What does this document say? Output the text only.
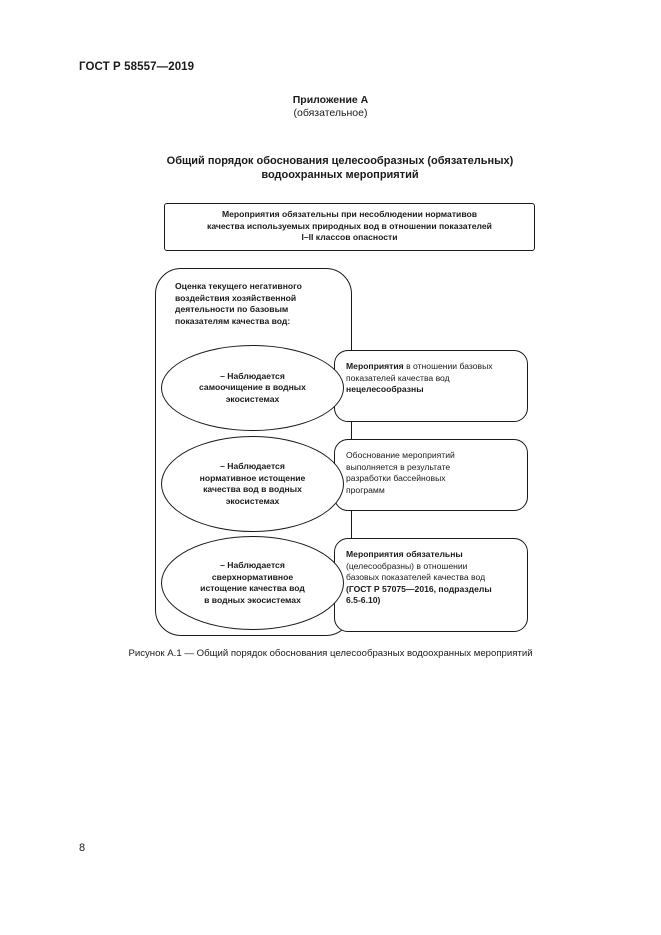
ГОСТ Р 58557—2019
Приложение А
(обязательное)
Общий порядок обоснования целесообразных (обязательных)
водоохранных мероприятий
Мероприятия обязательны при несоблюдении нормативов
качества используемых природных вод в отношении показателей
I–II классов опасности
Оценка текущего негативного
воздействия хозяйственной
деятельности по базовым
показателям качества вод:
Мероприятия в отношении базовых
показателей качества вод
нецелесообразны
Обоснование мероприятий
выполняется в результате
разработки бассейновых
программ
Мероприятия обязательны
(целесообразны) в отношении
базовых показателей качества вод
(ГОСТ Р 57075—2016, подразделы
6.5-6.10)
– Наблюдается
самоочищение в водных
экосистемах
– Наблюдается
нормативное истощение
качества вод в водных
экосистемах
– Наблюдается
сверхнормативное
истощение качества вод
в водных экосистемах
Рисунок А.1 — Общий порядок обоснования целесообразных водоохранных мероприятий
8
